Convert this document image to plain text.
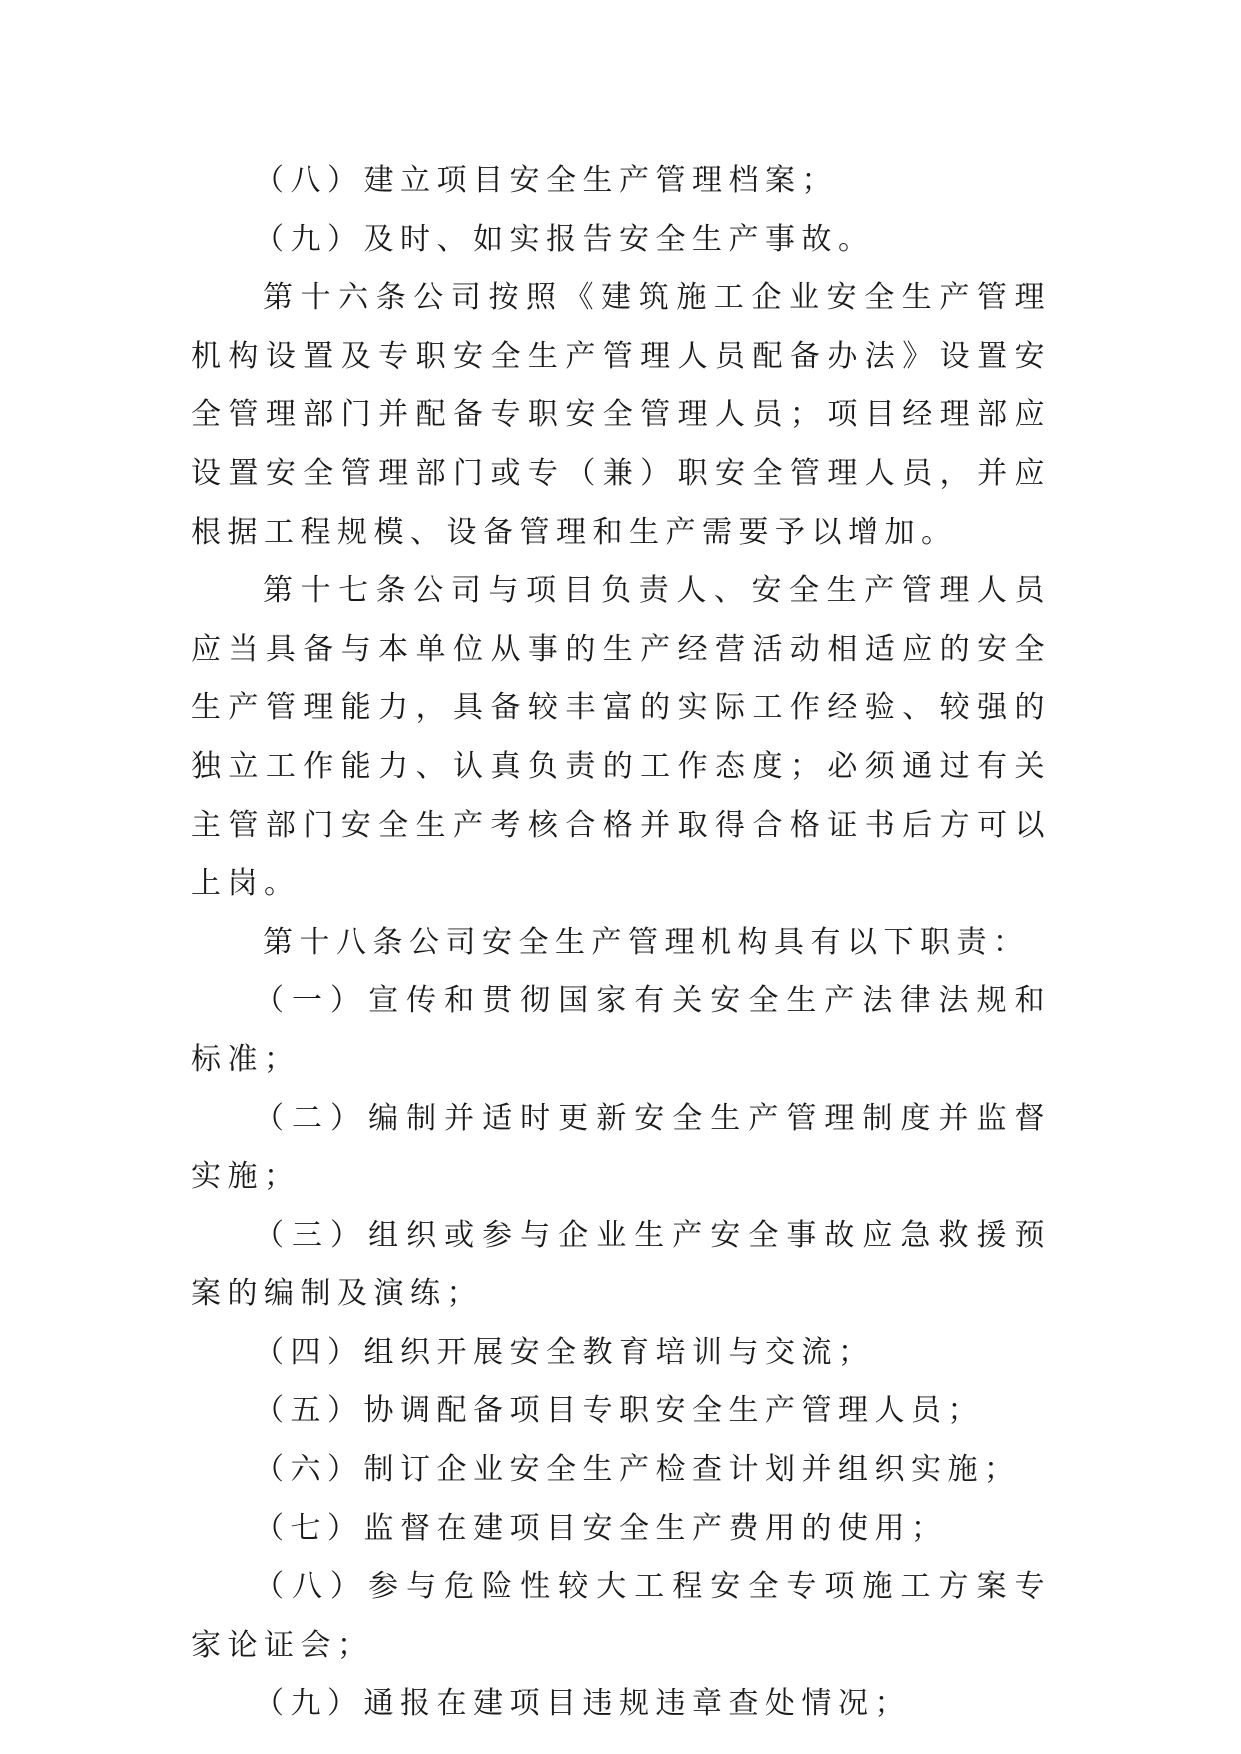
（八）建立项目安全生产管理档案；

（九）及时、如实报告安全生产事故。

第十六条公司按照《建筑施工企业安全生产管理机构设置及专职安全生产管理人员配备办法》设置安全管理部门并配备专职安全管理人员；项目经理部应设置安全管理部门或专（兼）职安全管理人员，并应根据工程规模、设备管理和生产需要予以增加。

第十七条公司与项目负责人、安全生产管理人员应当具备与本单位从事的生产经营活动相适应的安全生产管理能力，具备较丰富的实际工作经验、较强的独立工作能力、认真负责的工作态度；必须通过有关主管部门安全生产考核合格并取得合格证书后方可以上岗。

第十八条公司安全生产管理机构具有以下职责：

（一）宣传和贯彻国家有关安全生产法律法规和标准；

（二）编制并适时更新安全生产管理制度并监督实施；

（三）组织或参与企业生产安全事故应急救援预案的编制及演练；

（四）组织开展安全教育培训与交流；

（五）协调配备项目专职安全生产管理人员；

（六）制订企业安全生产检查计划并组织实施；

（七）监督在建项目安全生产费用的使用；

（八）参与危险性较大工程安全专项施工方案专家论证会；

（九）通报在建项目违规违章查处情况；
